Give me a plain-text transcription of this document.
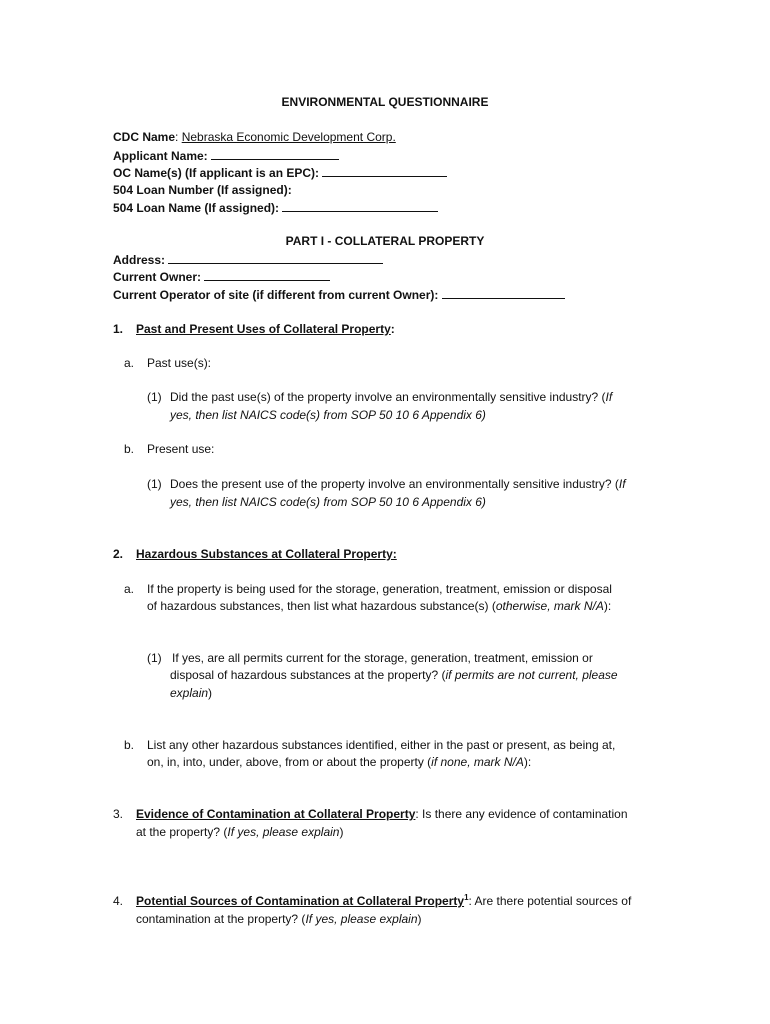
ENVIRONMENTAL QUESTIONNAIRE
CDC Name: Nebraska Economic Development Corp.
Applicant Name:
OC Name(s) (If applicant is an EPC):
504 Loan Number (If assigned):
504 Loan Name (If assigned):
PART I - COLLATERAL PROPERTY
Address:
Current Owner:
Current Operator of site (if different from current Owner):
1. Past and Present Uses of Collateral Property:
a. Past use(s):
(1) Did the past use(s) of the property involve an environmentally sensitive industry? (If
yes, then list NAICS code(s) from SOP 50 10 6 Appendix 6)
b. Present use:
(1) Does the present use of the property involve an environmentally sensitive industry? (If
yes, then list NAICS code(s) from SOP 50 10 6 Appendix 6)
2. Hazardous Substances at Collateral Property:
a. If the property is being used for the storage, generation, treatment, emission or disposal
of hazardous substances, then list what hazardous substance(s) (otherwise, mark N/A):
(1) If yes, are all permits current for the storage, generation, treatment, emission or
disposal of hazardous substances at the property? (if permits are not current, please
explain)
b. List any other hazardous substances identified, either in the past or present, as being at,
on, in, into, under, above, from or about the property (if none, mark N/A):
3. Evidence of Contamination at Collateral Property: Is there any evidence of contamination
at the property? (If yes, please explain)
4. Potential Sources of Contamination at Collateral Property$^1$: Are there potential sources of
contamination at the property? (If yes, please explain)
